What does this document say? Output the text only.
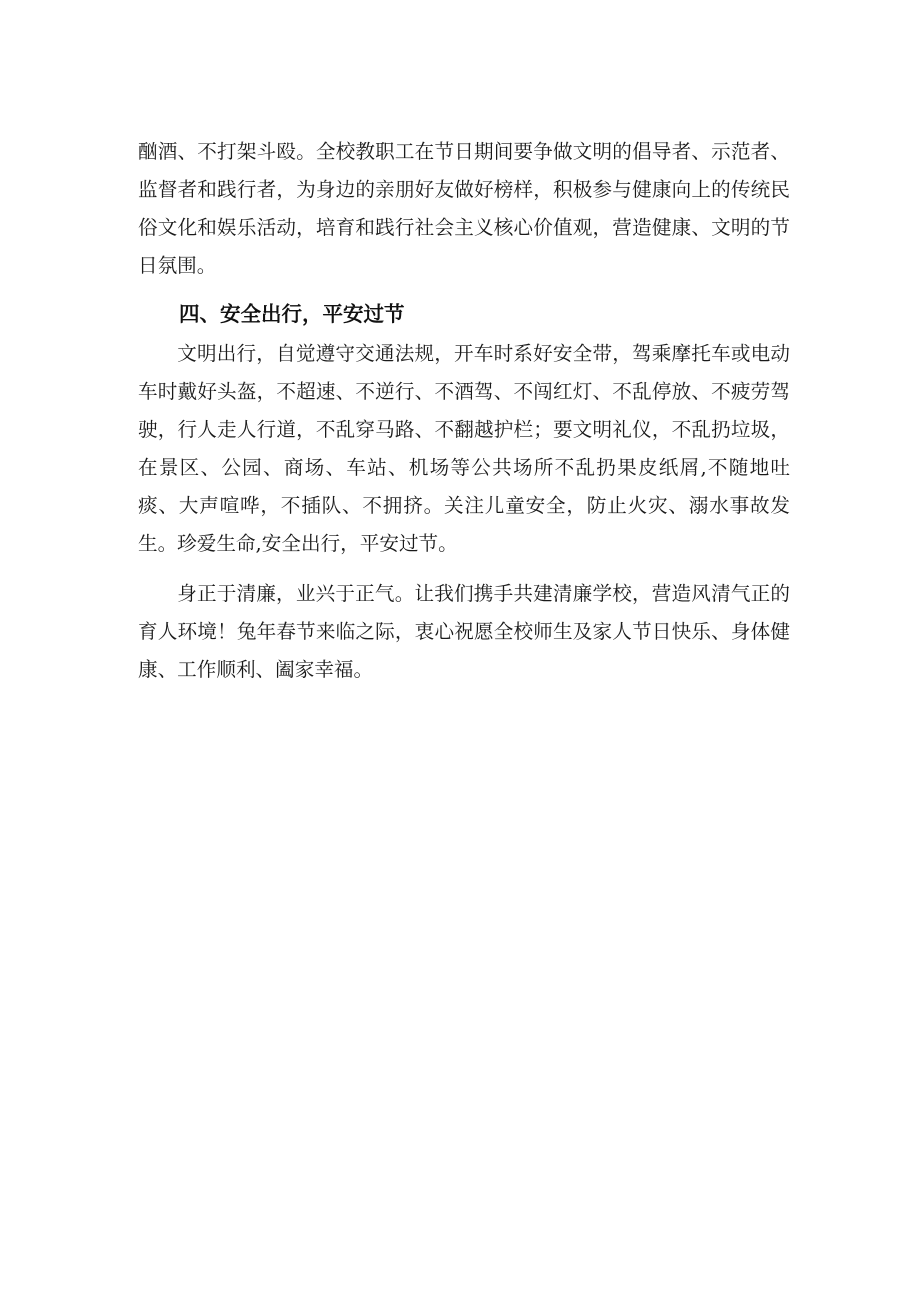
酗酒、不打架斗殴。全校教职工在节日期间要争做文明的倡导者、示范者、监督者和践行者，为身边的亲朋好友做好榜样，积极参与健康向上的传统民俗文化和娱乐活动，培育和践行社会主义核心价值观，营造健康、文明的节日氛围。

四、安全出行，平安过节

文明出行，自觉遵守交通法规，开车时系好安全带，驾乘摩托车或电动车时戴好头盔，不超速、不逆行、不酒驾、不闯红灯、不乱停放、不疲劳驾驶，行人走人行道，不乱穿马路、不翻越护栏；要文明礼仪，不乱扔垃圾，在景区、公园、商场、车站、机场等公共场所不乱扔果皮纸屑,不随地吐痰、大声喧哗，不插队、不拥挤。关注儿童安全，防止火灾、溺水事故发生。珍爱生命,安全出行，平安过节。

身正于清廉，业兴于正气。让我们携手共建清廉学校，营造风清气正的育人环境！兔年春节来临之际，衷心祝愿全校师生及家人节日快乐、身体健康、工作顺利、阖家幸福。
